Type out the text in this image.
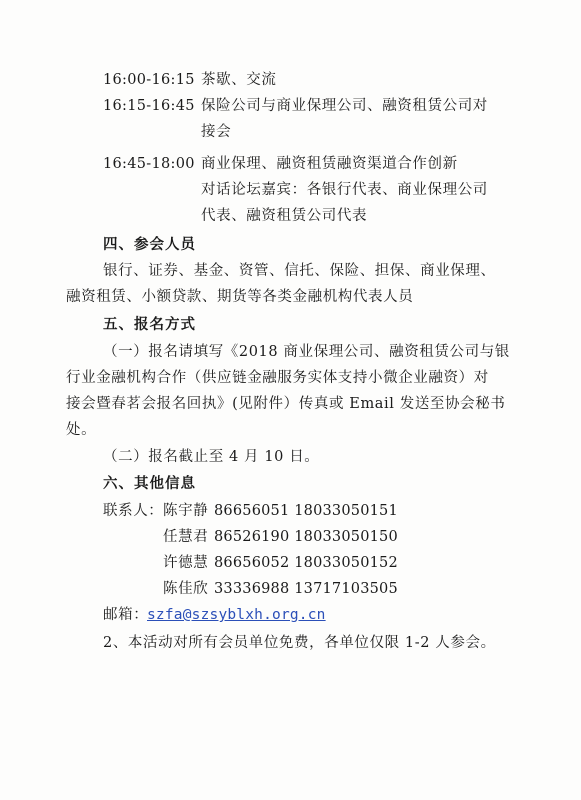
16:00-16:15 茶歇、交流
16:15-16:45 保险公司与商业保理公司、融资租赁公司对
接会
16:45-18:00 商业保理、融资租赁融资渠道合作创新
对话论坛嘉宾：各银行代表、商业保理公司
代表、融资租赁公司代表
四、参会人员
银行、证券、基金、资管、信托、保险、担保、商业保理、
融资租赁、小额贷款、期货等各类金融机构代表人员
五、报名方式
（一）报名请填写《2018 商业保理公司、融资租赁公司与银
行业金融机构合作（供应链金融服务实体支持小微企业融资）对
接会暨春茗会报名回执》(见附件）传真或 Email 发送至协会秘书
处。
（二）报名截止至 4 月 10 日。
六、其他信息
联系人： 陈宇静 86656051 18033050151
任慧君 86526190 18033050150
许德慧 86656052 18033050152
陈佳欣 33336988 13717103505
邮箱：
szfa@szsyblxh.org.cn
2、本活动对所有会员单位免费，各单位仅限 1-2 人参会。
